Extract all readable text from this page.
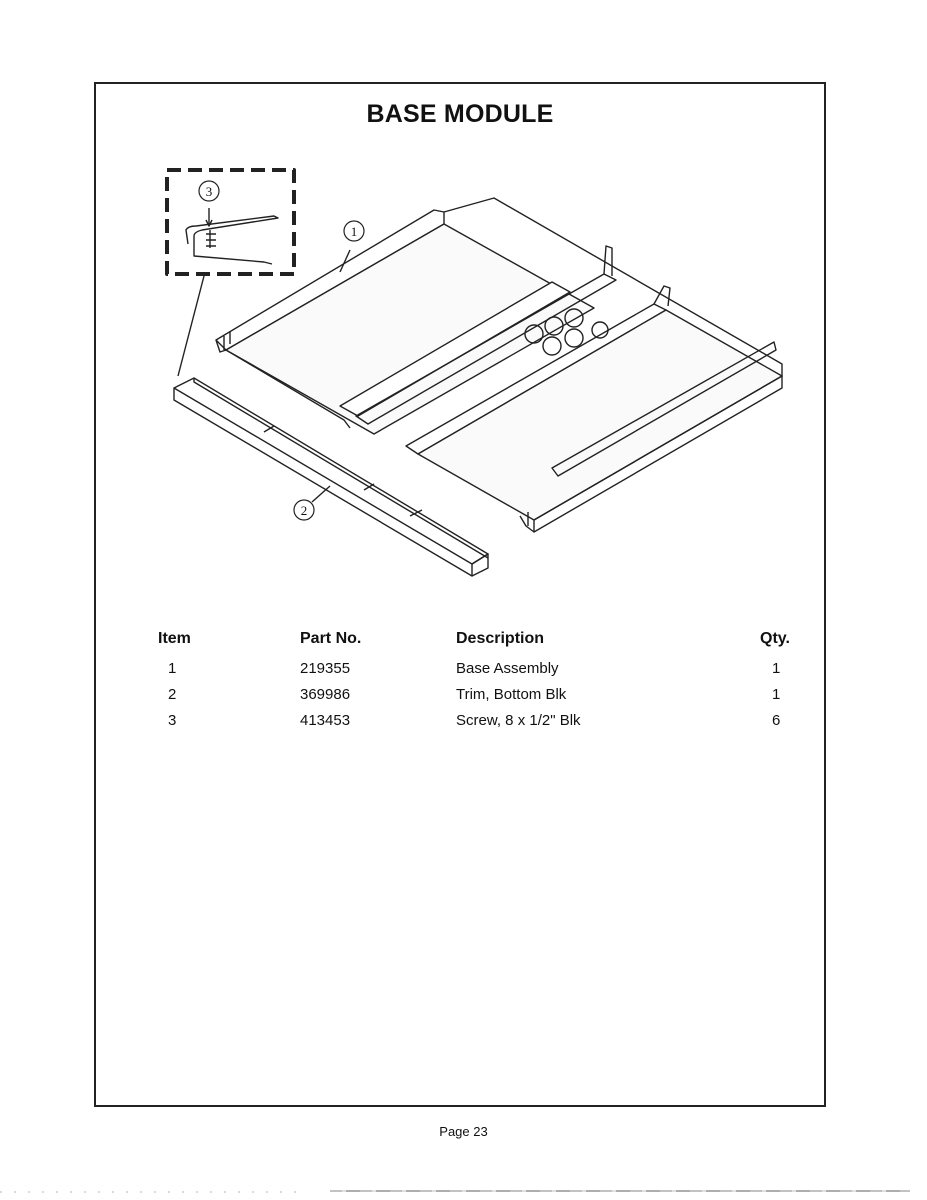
BASE MODULE
3
1
2
Item	Part No.	Description	Qty.
1	219355	Base Assembly	1
2	369986	Trim, Bottom Blk	1
3	413453	Screw, 8 x 1/2" Blk	6
Page 23
